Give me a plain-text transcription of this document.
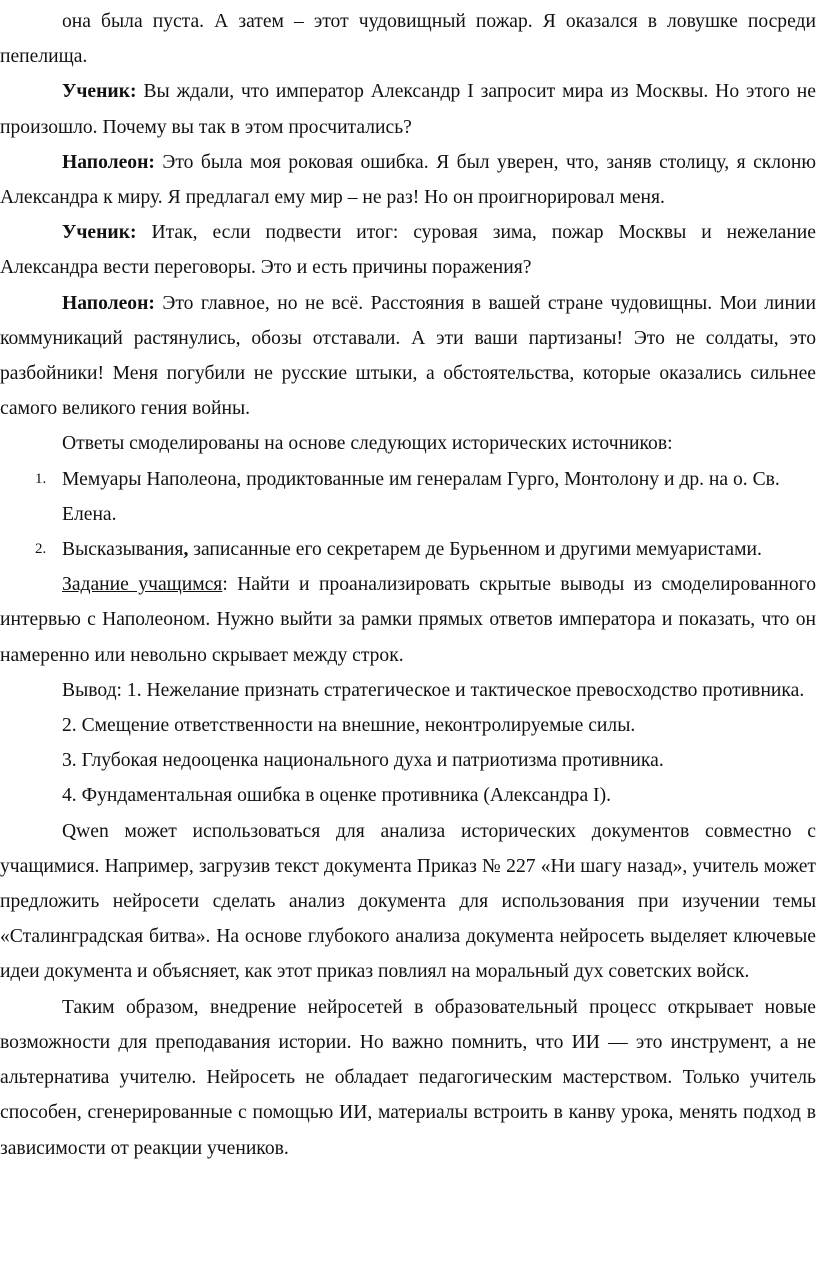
она была пуста. А затем – этот чудовищный пожар. Я оказался в ловушке посреди пепелища.

Ученик: Вы ждали, что император Александр I запросит мира из Москвы. Но этого не произошло. Почему вы так в этом просчитались?

Наполеон: Это была моя роковая ошибка. Я был уверен, что, заняв столицу, я склоню Александра к миру. Я предлагал ему мир – не раз! Но он проигнорировал меня.

Ученик: Итак, если подвести итог: суровая зима, пожар Москвы и нежелание Александра вести переговоры. Это и есть причины поражения?

Наполеон: Это главное, но не всё. Расстояния в вашей стране чудовищны. Мои линии коммуникаций растянулись, обозы отставали. А эти ваши партизаны! Это не солдаты, это разбойники! Меня погубили не русские штыки, а обстоятельства, которые оказались сильнее самого великого гения войны.

Ответы смоделированы на основе следующих исторических источников:

1. Мемуары Наполеона, продиктованные им генералам Гурго, Монтолону и др. на о. Св. Елена.

2. Высказывания, записанные его секретарем де Бурьенном и другими мемуаристами.

Задание учащимся: Найти и проанализировать скрытые выводы из смоделированного интервью с Наполеоном. Нужно выйти за рамки прямых ответов императора и показать, что он намеренно или невольно скрывает между строк.

Вывод: 1. Нежелание признать стратегическое и тактическое превосходство противника.

2. Смещение ответственности на внешние, неконтролируемые силы.

3. Глубокая недооценка национального духа и патриотизма противника.

4. Фундаментальная ошибка в оценке противника (Александра I).

Qwen может использоваться для анализа исторических документов совместно с учащимися. Например, загрузив текст документа Приказ № 227 «Ни шагу назад», учитель может предложить нейросети сделать анализ документа для использования при изучении темы «Сталинградская битва». На основе глубокого анализа документа нейросеть выделяет ключевые идеи документа и объясняет, как этот приказ повлиял на моральный дух советских войск.

Таким образом, внедрение нейросетей в образовательный процесс открывает новые возможности для преподавания истории. Но важно помнить, что ИИ — это инструмент, а не альтернатива учителю. Нейросеть не обладает педагогическим мастерством. Только учитель способен, сгенерированные с помощью ИИ, материалы встроить в канву урока, менять подход в зависимости от реакции учеников.
